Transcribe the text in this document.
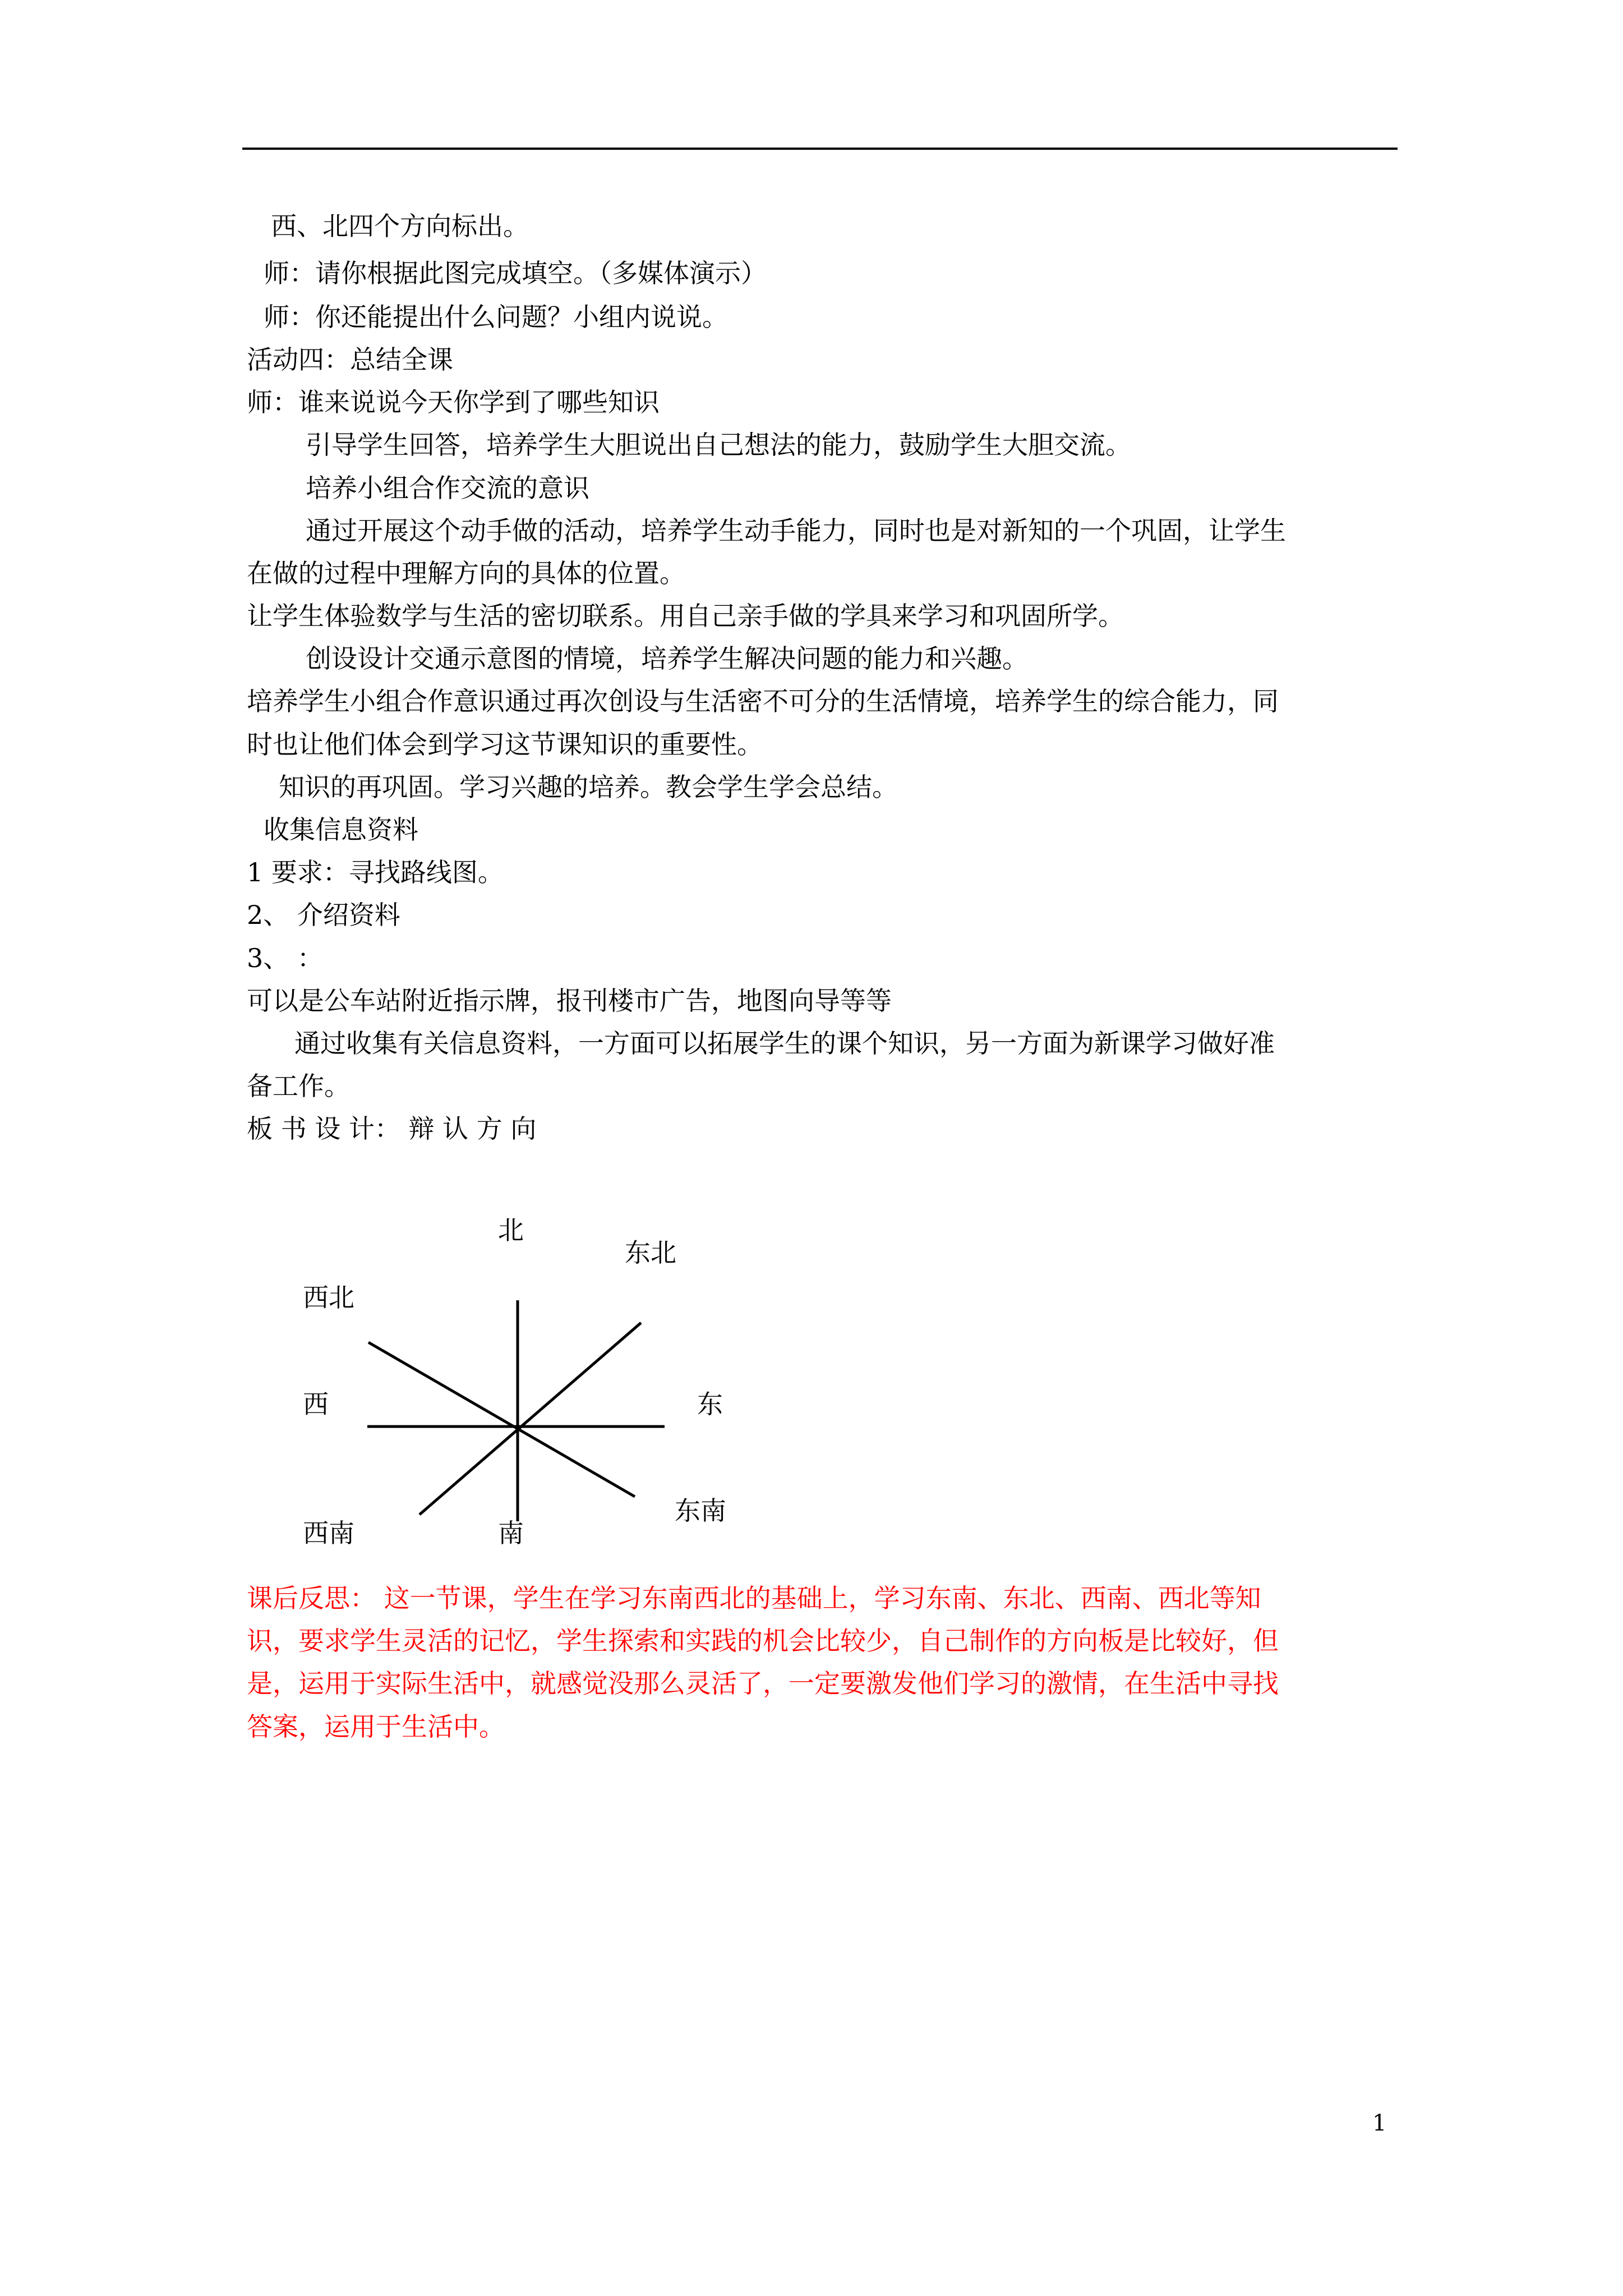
西、北四个方向标出。
师：请你根据此图完成填空。（多媒体演示）
师：你还能提出什么问题？小组内说说。
活动四：总结全课
师：谁来说说今天你学到了哪些知识
引导学生回答，培养学生大胆说出自己想法的能力，鼓励学生大胆交流。
培养小组合作交流的意识
通过开展这个动手做的活动，培养学生动手能力，同时也是对新知的一个巩固，让学生
在做的过程中理解方向的具体的位置。
让学生体验数学与生活的密切联系。用自己亲手做的学具来学习和巩固所学。
创设设计交通示意图的情境，培养学生解决问题的能力和兴趣。
培养学生小组合作意识通过再次创设与生活密不可分的生活情境，培养学生的综合能力，同
时也让他们体会到学习这节课知识的重要性。
知识的再巩固。学习兴趣的培养。教会学生学会总结。
收集信息资料
1 要求：寻找路线图。
2、 介绍资料
3、 ：
可以是公车站附近指示牌，报刊楼市广告，地图向导等等
通过收集有关信息资料，一方面可以拓展学生的课个知识，另一方面为新课学习做好准
备工作。
板 书 设 计： 辩 认 方 向
北
东北
西北
西	东
西南	南
东南
课后反思： 这一节课，学生在学习东南西北的基础上，学习东南、东北、西南、西北等知
识，要求学生灵活的记忆，学生探索和实践的机会比较少，自己制作的方向板是比较好，但
是，运用于实际生活中，就感觉没那么灵活了，一定要激发他们学习的激情，在生活中寻找
答案，运用于生活中。
1
